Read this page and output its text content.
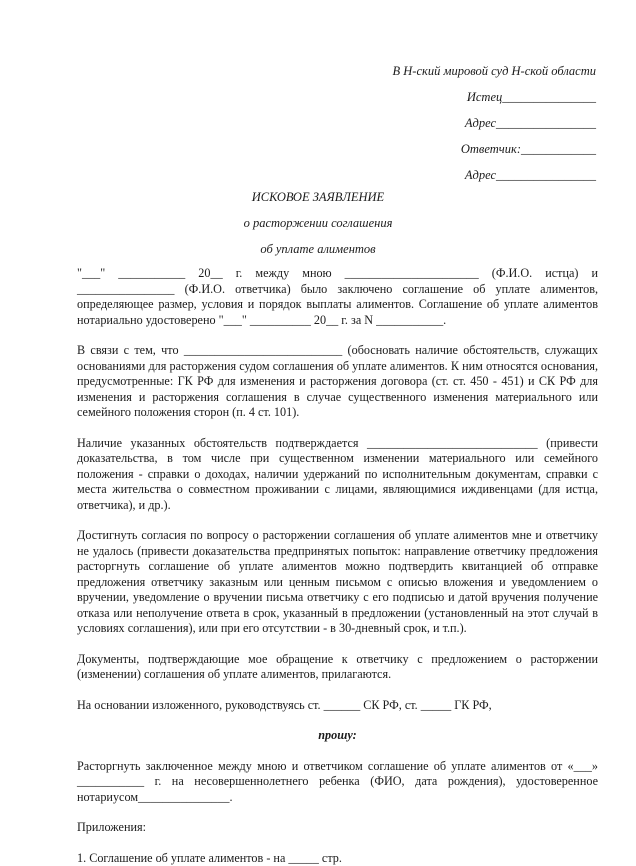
В Н-ский мировой суд Н-ской области
Истец_______________
Адрес________________
Ответчик:____________
Адрес________________
ИСКОВОЕ ЗАЯВЛЕНИЕ
о расторжении соглашения
об уплате алиментов

"___" ___________ 20__ г. между мною ______________________ (Ф.И.О. истца) и ________________ (Ф.И.О. ответчика) было заключено соглашение об уплате алиментов, определяющее размер, условия и порядок выплаты алиментов. Соглашение об уплате алиментов нотариально удостоверено "___" __________ 20__ г. за N ___________.

В связи с тем, что __________________________ (обосновать наличие обстоятельств, служащих основаниями для расторжения судом соглашения об уплате алиментов. К ним относятся основания, предусмотренные: ГК РФ для изменения и расторжения договора (ст. ст. 450 - 451) и СК РФ для изменения и расторжения соглашения в случае существенного изменения материального или семейного положения сторон (п. 4 ст. 101).

Наличие указанных обстоятельств подтверждается ____________________________ (привести доказательства, в том числе при существенном изменении материального или семейного положения - справки о доходах, наличии удержаний по исполнительным документам, справки с места жительства о совместном проживании с лицами, являющимися иждивенцами (для истца, ответчика), и др.).

Достигнуть согласия по вопросу о расторжении соглашения об уплате алиментов мне и ответчику не удалось (привести доказательства предпринятых попыток: направление ответчику предложения расторгнуть соглашение об уплате алиментов можно подтвердить квитанцией об отправке предложения ответчику заказным или ценным письмом с описью вложения и уведомлением о вручении, уведомление о вручении письма ответчику с его подписью и датой вручения получение отказа или неполучение ответа в срок, указанный в предложении (установленный на этот случай в условиях соглашения), или при его отсутствии - в 30-дневный срок, и т.п.).

Документы, подтверждающие мое обращение к ответчику с предложением о расторжении (изменении) соглашения об уплате алиментов, прилагаются.

На основании изложенного, руководствуясь ст. ______ СК РФ, ст. _____ ГК РФ,

прошу:

Расторгнуть заключенное между мною и ответчиком соглашение об уплате алиментов от «___» ___________ г. на несовершеннолетнего ребенка (ФИО, дата рождения), удостоверенное нотариусом_______________.

Приложения:

1. Соглашение об уплате алиментов - на _____ стр.
